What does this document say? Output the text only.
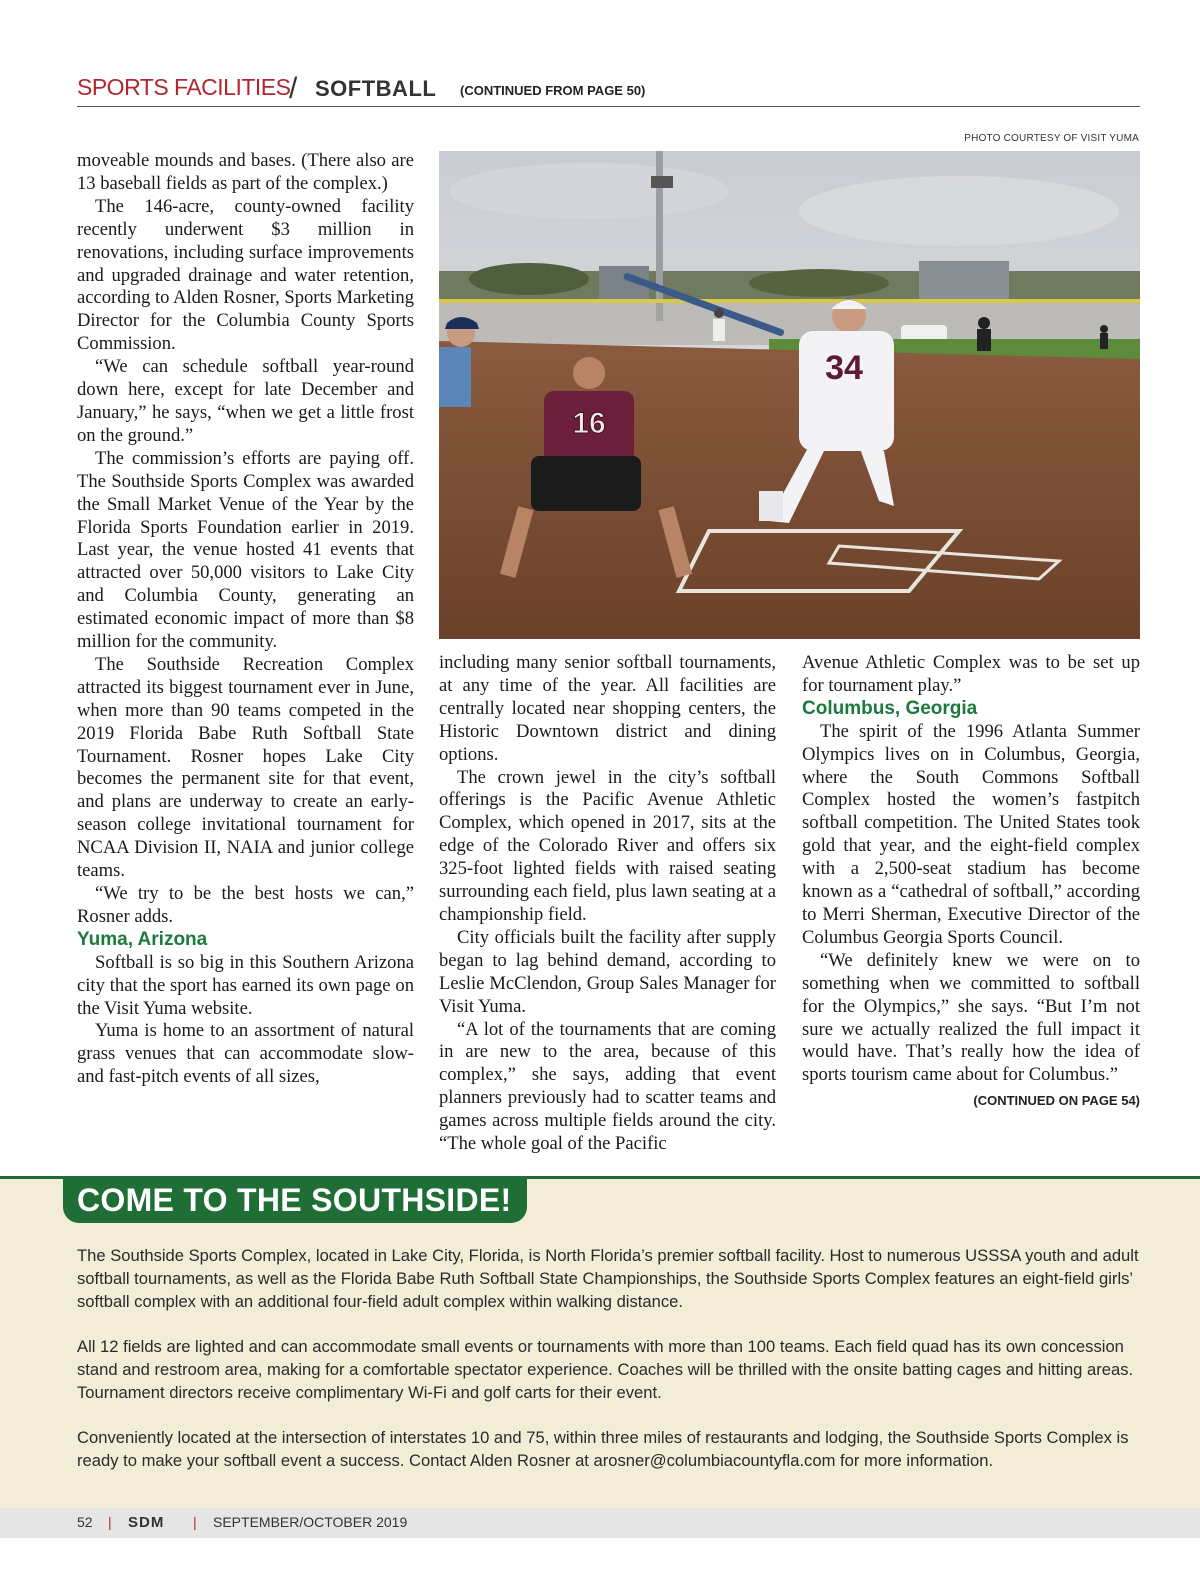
SPORTS FACILITIES
/ SOFTBALL (CONTINUED FROM PAGE 50)
PHOTO COURTESY OF VISIT YUMA
16
34

moveable mounds and bases. (There also are 13 baseball fields as part of the complex.)

The 146-acre, county-owned facility recently underwent $3 million in renovations, including surface improvements and upgraded drainage and water retention, according to Alden Rosner, Sports Marketing Director for the Columbia County Sports Commission.

“We can schedule softball year-round down here, except for late December and January,” he says, “when we get a little frost on the ground.”

The commission’s efforts are paying off. The Southside Sports Complex was awarded the Small Market Venue of the Year by the Florida Sports Foundation earlier in 2019. Last year, the venue hosted 41 events that attracted over 50,000 visitors to Lake City and Columbia County, generating an estimated economic impact of more than $8 million for the community.

The Southside Recreation Complex attracted its biggest tournament ever in June, when more than 90 teams competed in the 2019 Florida Babe Ruth Softball State Tournament. Rosner hopes Lake City becomes the permanent site for that event, and plans are underway to create an early-season college invitational tournament for NCAA Division II, NAIA and junior college teams.

“We try to be the best hosts we can,” Rosner adds.

Yuma, Arizona

Softball is so big in this Southern Arizona city that the sport has earned its own page on the Visit Yuma website.

Yuma is home to an assortment of natural grass venues that can accommodate slow- and fast-pitch events of all sizes,

including many senior softball tournaments, at any time of the year. All facilities are centrally located near shopping centers, the Historic Downtown district and dining options.

The crown jewel in the city’s softball offerings is the Pacific Avenue Athletic Complex, which opened in 2017, sits at the edge of the Colorado River and offers six 325-foot lighted fields with raised seating surrounding each field, plus lawn seating at a championship field.

City officials built the facility after supply began to lag behind demand, according to Leslie McClendon, Group Sales Manager for Visit Yuma.

“A lot of the tournaments that are coming in are new to the area, because of this complex,” she says, adding that event planners previously had to scatter teams and games across multiple fields around the city. “The whole goal of the Pacific

Avenue Athletic Complex was to be set up for tournament play.”

Columbus, Georgia

The spirit of the 1996 Atlanta Summer Olympics lives on in Columbus, Georgia, where the South Commons Softball Complex hosted the women’s fastpitch softball competition. The United States took gold that year, and the eight-field complex with a 2,500-seat stadium has become known as a “cathedral of softball,” according to Merri Sherman, Executive Director of the Columbus Georgia Sports Council.

“We definitely knew we were on to something when we committed to softball for the Olympics,” she says. “But I’m not sure we actually realized the full impact it would have. That’s really how the idea of sports tourism came about for Columbus.”
(CONTINUED ON PAGE 54)

COME TO THE SOUTHSIDE!

The Southside Sports Complex, located in Lake City, Florida, is North Florida’s premier softball facility. Host to numerous USSSA youth and adult softball tournaments, as well as the Florida Babe Ruth Softball State Championships, the Southside Sports Complex features an eight-field girls’ softball complex with an additional four-field adult complex within walking distance.

All 12 fields are lighted and can accommodate small events or tournaments with more than 100 teams. Each field quad has its own concession stand and restroom area, making for a comfortable spectator experience. Coaches will be thrilled with the onsite batting cages and hitting areas. Tournament directors receive complimentary Wi-Fi and golf carts for their event.

Conveniently located at the intersection of interstates 10 and 75, within three miles of restaurants and lodging, the Southside Sports Complex is ready to make your softball event a success. Contact Alden Rosner at arosner@columbiacountyfla.com for more information.

52 | SDM | SEPTEMBER/OCTOBER 2019
